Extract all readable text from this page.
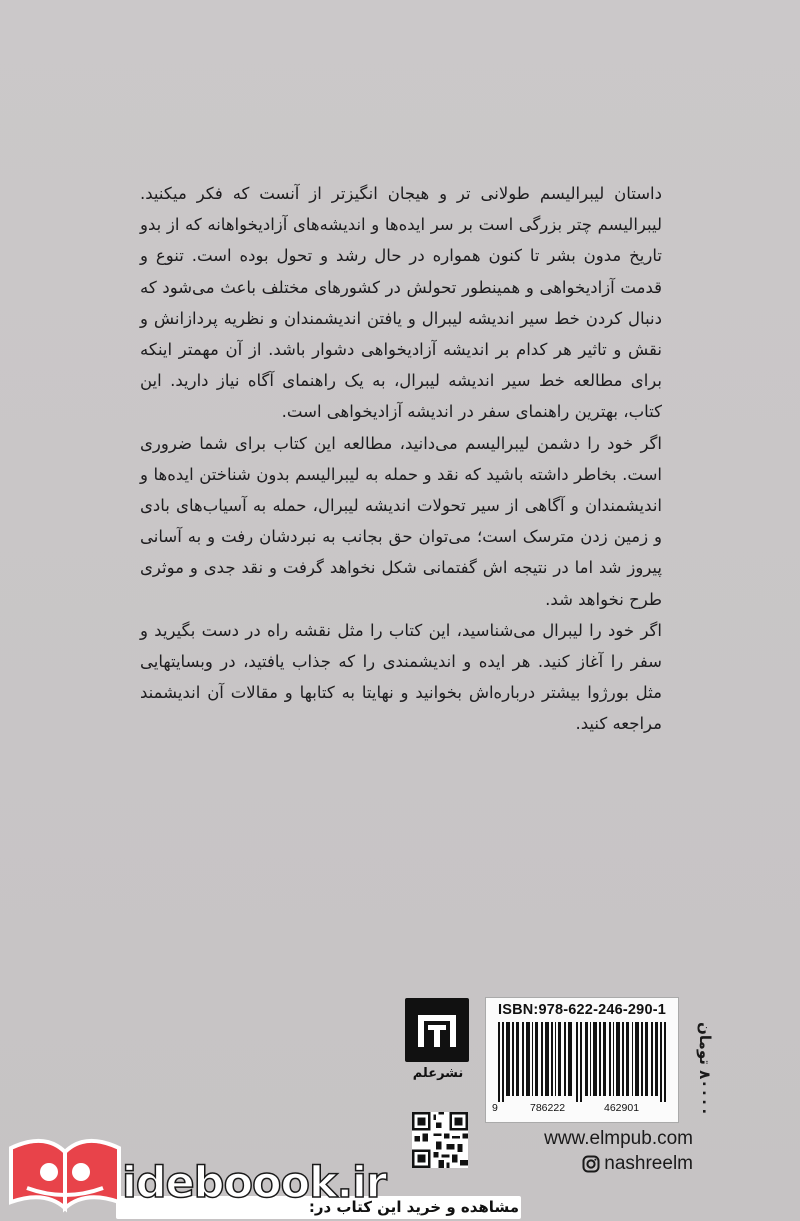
داستان لیبرالیسم طولانی تر و هیجان انگیزتر از آنست که فکر میکنید. لیبرالیسم چتر بزرگی است بر سر ایده‌ها و اندیشه‌های آزادیخواهانه که از بدو تاریخ مدون بشر تا کنون همواره در حال رشد و تحول بوده است. تنوع و قدمت آزادیخواهی و همینطور تحولش در کشورهای مختلف باعث می‌شود که دنبال کردن خط سیر اندیشه لیبرال و یافتن اندیشمندان و نظریه پردازانش و نقش و تاثیر هر کدام بر اندیشه آزادیخواهی دشوار باشد. از آن مهمتر اینکه برای مطالعه خط سیر اندیشه لیبرال، به یک راهنمای آگاه نیاز دارید. این کتاب، بهترین راهنمای سفر در اندیشه آزادیخواهی است.

اگر خود را دشمن لیبرالیسم می‌دانید، مطالعه این کتاب برای شما ضروری است. بخاطر داشته باشید که نقد و حمله به لیبرالیسم بدون شناختن ایده‌ها و اندیشمندان و آگاهی از سیر تحولات اندیشه لیبرال، حمله به آسیاب‌های بادی و زمین زدن مترسک است؛ می‌توان حق بجانب به نبردشان رفت و به آسانی پیروز شد اما در نتیجه اش گفتمانی شکل نخواهد گرفت و نقد جدی و موثری طرح نخواهد شد.

اگر خود را لیبرال می‌شناسید، این کتاب را مثل نقشه راه در دست بگیرید و سفر را آغاز کنید. هر ایده و اندیشمندی را که جذاب یافتید، در وبسایتهایی مثل بورژوا بیشتر درباره‌اش بخوانید و نهایتا به کتابها و مقالات آن اندیشمند مراجعه کنید.

نشرعلم
ISBN:978-622-246-290-1
9	786222	462901
۸۰۰۰۰ تومان
www.elmpub.com
nashreelm
مشاهده و خرید این کتاب در:
ideboook.ir
